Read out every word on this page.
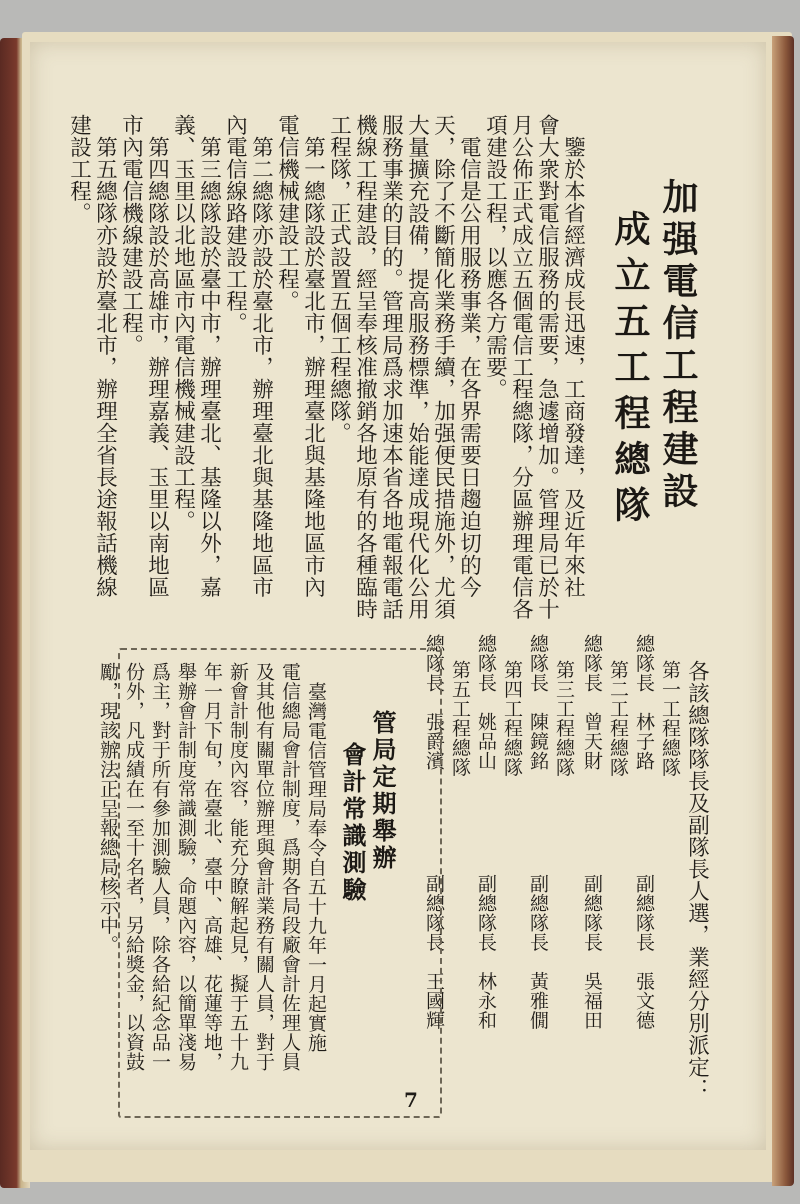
加强電信工程建設
成立五工程總隊
鑒於本省經濟成長迅速，工商發達，及近年來社
會大衆對電信服務的需要，急遽增加。管理局已於十
月公佈正式成立五個電信工程總隊，分區辦理電信各
項建設工程，以應各方需要。
電信是公用服務事業，在各界需要日趨迫切的今
天，除了不斷簡化業務手續，加强便民措施外，尤須
大量擴充設備，提高服務標準，始能達成現代化公用
服務事業的目的。管理局爲求加速本省各地電報電話
機線工程建設，經呈奉核准撤銷各地原有的各種臨時
工程隊，正式設置五個工程總隊。
第一總隊設於臺北市，辦理臺北與基隆地區市內
電信機械建設工程。
第二總隊亦設於臺北市，辦理臺北與基隆地區市
內電信線路建設工程。
第三總隊設於臺中市，辦理臺北、基隆以外，嘉
義、玉里以北地區市內電信機械建設工程。
第四總隊設於高雄市，辦理嘉義、玉里以南地區
市內電信機線建設工程。
第五總隊亦設於臺北市，辦理全省長途報話機線
建設工程。
各該總隊隊長及副隊長人選，業經分別派定：
第一工程總隊
總隊長　林子路
副總隊長　張文德
第二工程總隊
總隊長　曾天財
副總隊長　吳福田
第三工程總隊
總隊長　陳鏡銘
副總隊長　黃雅僩
第四工程總隊
總隊長　姚品山
副總隊長　林永和
第五工程總隊
總隊長　張爵濱
副總隊長　王國輝
管局定期舉辦
會計常識測驗
臺灣電信管理局奉令自五十九年一月起實施
電信總局會計制度，爲期各局段廠會計佐理人員
及其他有關單位辦理與會計業務有關人員，對于
新會計制度內容，能充分瞭解起見，擬于五十九
年一月下旬，在臺北、臺中、高雄、花蓮等地，
舉辦會計制度常識測驗，命題內容，以簡單淺易
爲主，對于所有參加測驗人員，除各給紀念品一
份外，凡成績在一至十名者，另給獎金，以資鼓
勵，現該辦法正呈報總局核示中。
7
